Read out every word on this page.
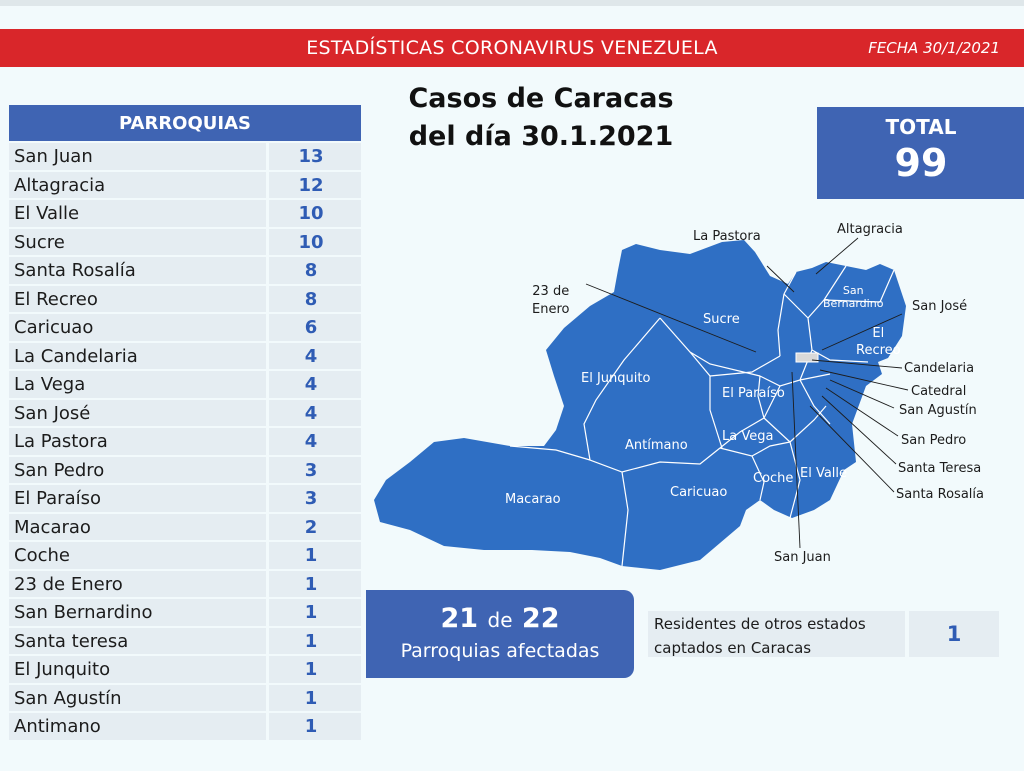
ESTADÍSTICAS CORONAVIRUS VENEZUELA	FECHA 30/1/2021
PARROQUIAS
San Juan	13
Altagracia	12
El Valle	10
Sucre	10
Santa Rosalía	8
El Recreo	8
Caricuao	6
La Candelaria	4
La Vega	4
San José	4
La Pastora	4
San Pedro	3
El Paraíso	3
Macarao	2
Coche	1
23 de Enero	1
San Bernardino	1
Santa teresa	1
El Junquito	1
San Agustín	1
Antimano	1
Casos de Caracas
del día 30.1.2021	TOTAL
99
La Pastora	Altagracia
23 de
Enero	San José
Candelaria
Catedral
San Agustín
San Pedro
Santa Teresa
Santa Rosalía
San Juan
Sucre
El Junquito
El Paraíso
La Vega
Antímano
Caricuao
Macarao
Coche El Valle
San
Bernardino
El
Recreo
21 de 22
Parroquias afectadas
Residentes de otros estados
captados en Caracas
1
